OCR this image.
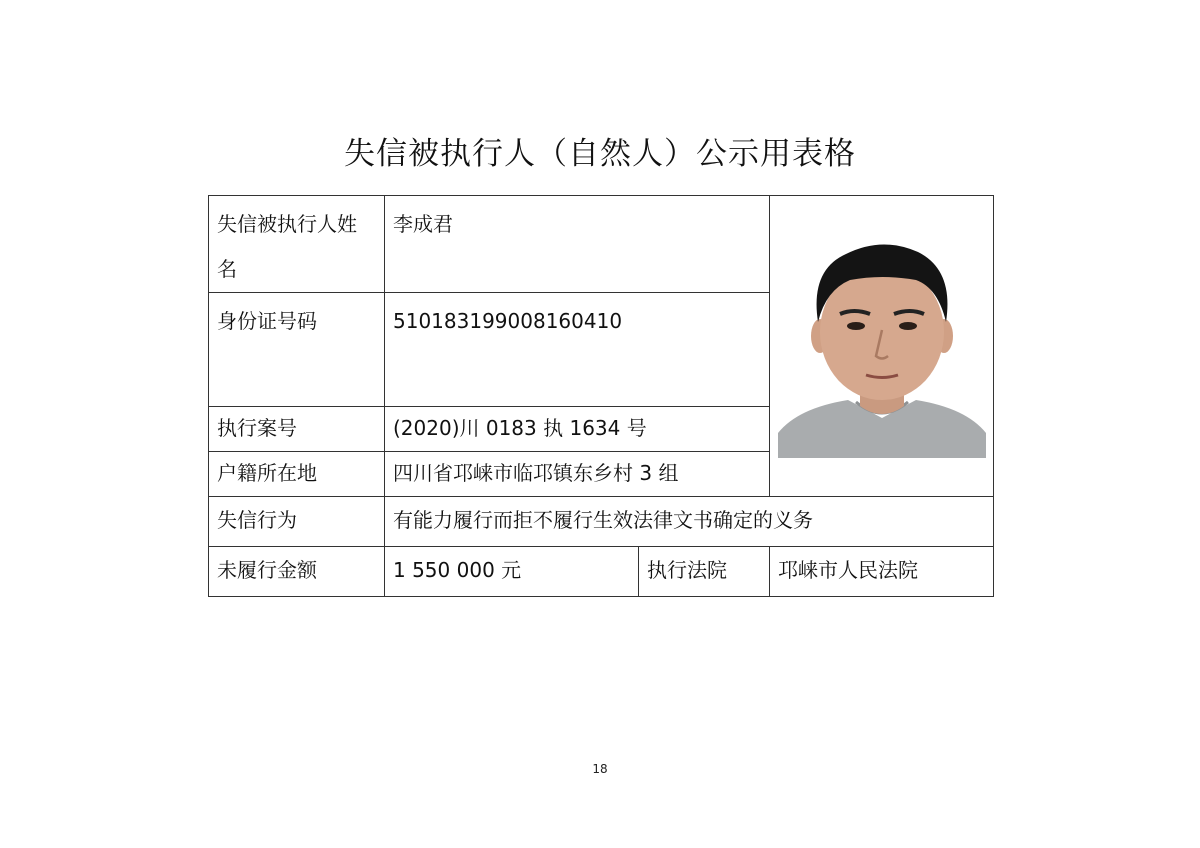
失信被执行人（自然人）公示用表格
失信被执行人姓名	李成君	
身份证号码	510183199008160410		
执行案号	(2020)川 0183 执 1634 号		
户籍所在地	四川省邛崃市临邛镇东乡村 3 组		
失信行为	有能力履行而拒不履行生效法律文书确定的义务		
未履行金额	1 550 000 元	执行法院	邛崃市人民法院
18
